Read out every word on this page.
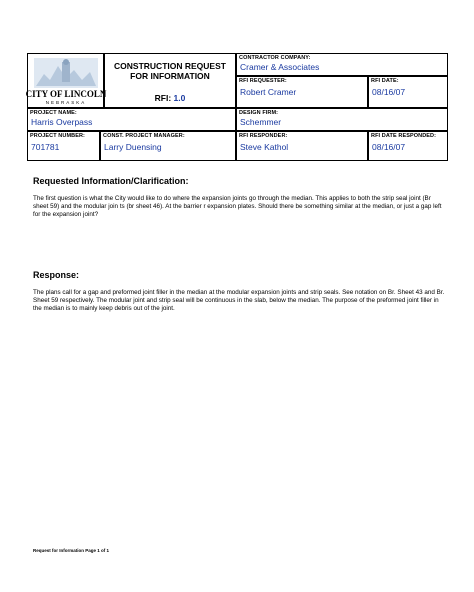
CITY OF LINCOLN
NEBRASKA
CONSTRUCTION REQUEST
FOR INFORMATION
RFI: 1.0
CONTRACTOR COMPANY:
Cramer & Associates
RFI REQUESTER:
Robert Cramer
RFI DATE:
08/16/07
PROJECT NAME:
Harris Overpass
DESIGN FIRM:
Schemmer
PROJECT NUMBER:
701781
CONST. PROJECT MANAGER:
Larry Duensing
RFI RESPONDER:
Steve Kathol
RFI DATE RESPONDED:
08/16/07
Requested Information/Clarification:
The first question is what the City would like to do where the expansion joints go through the median. This applies to both the strip seal joint (Br sheet 59) and the modular join ts (br sheet 46). At the barrier r expansion plates. Should there be something similar at the median, or just a gap left for the expansion joint?
Response:
The plans call for a gap and preformed joint filler in the median at the modular expansion joints and strip seals. See notation on Br. Sheet 43 and Br. Sheet 59 respectively. The modular joint and strip seal will be continuous in the slab, below the median. The purpose of the preformed joint filler in the median is to mainly keep debris out of the joint.
Request for Information Page 1 of 1
